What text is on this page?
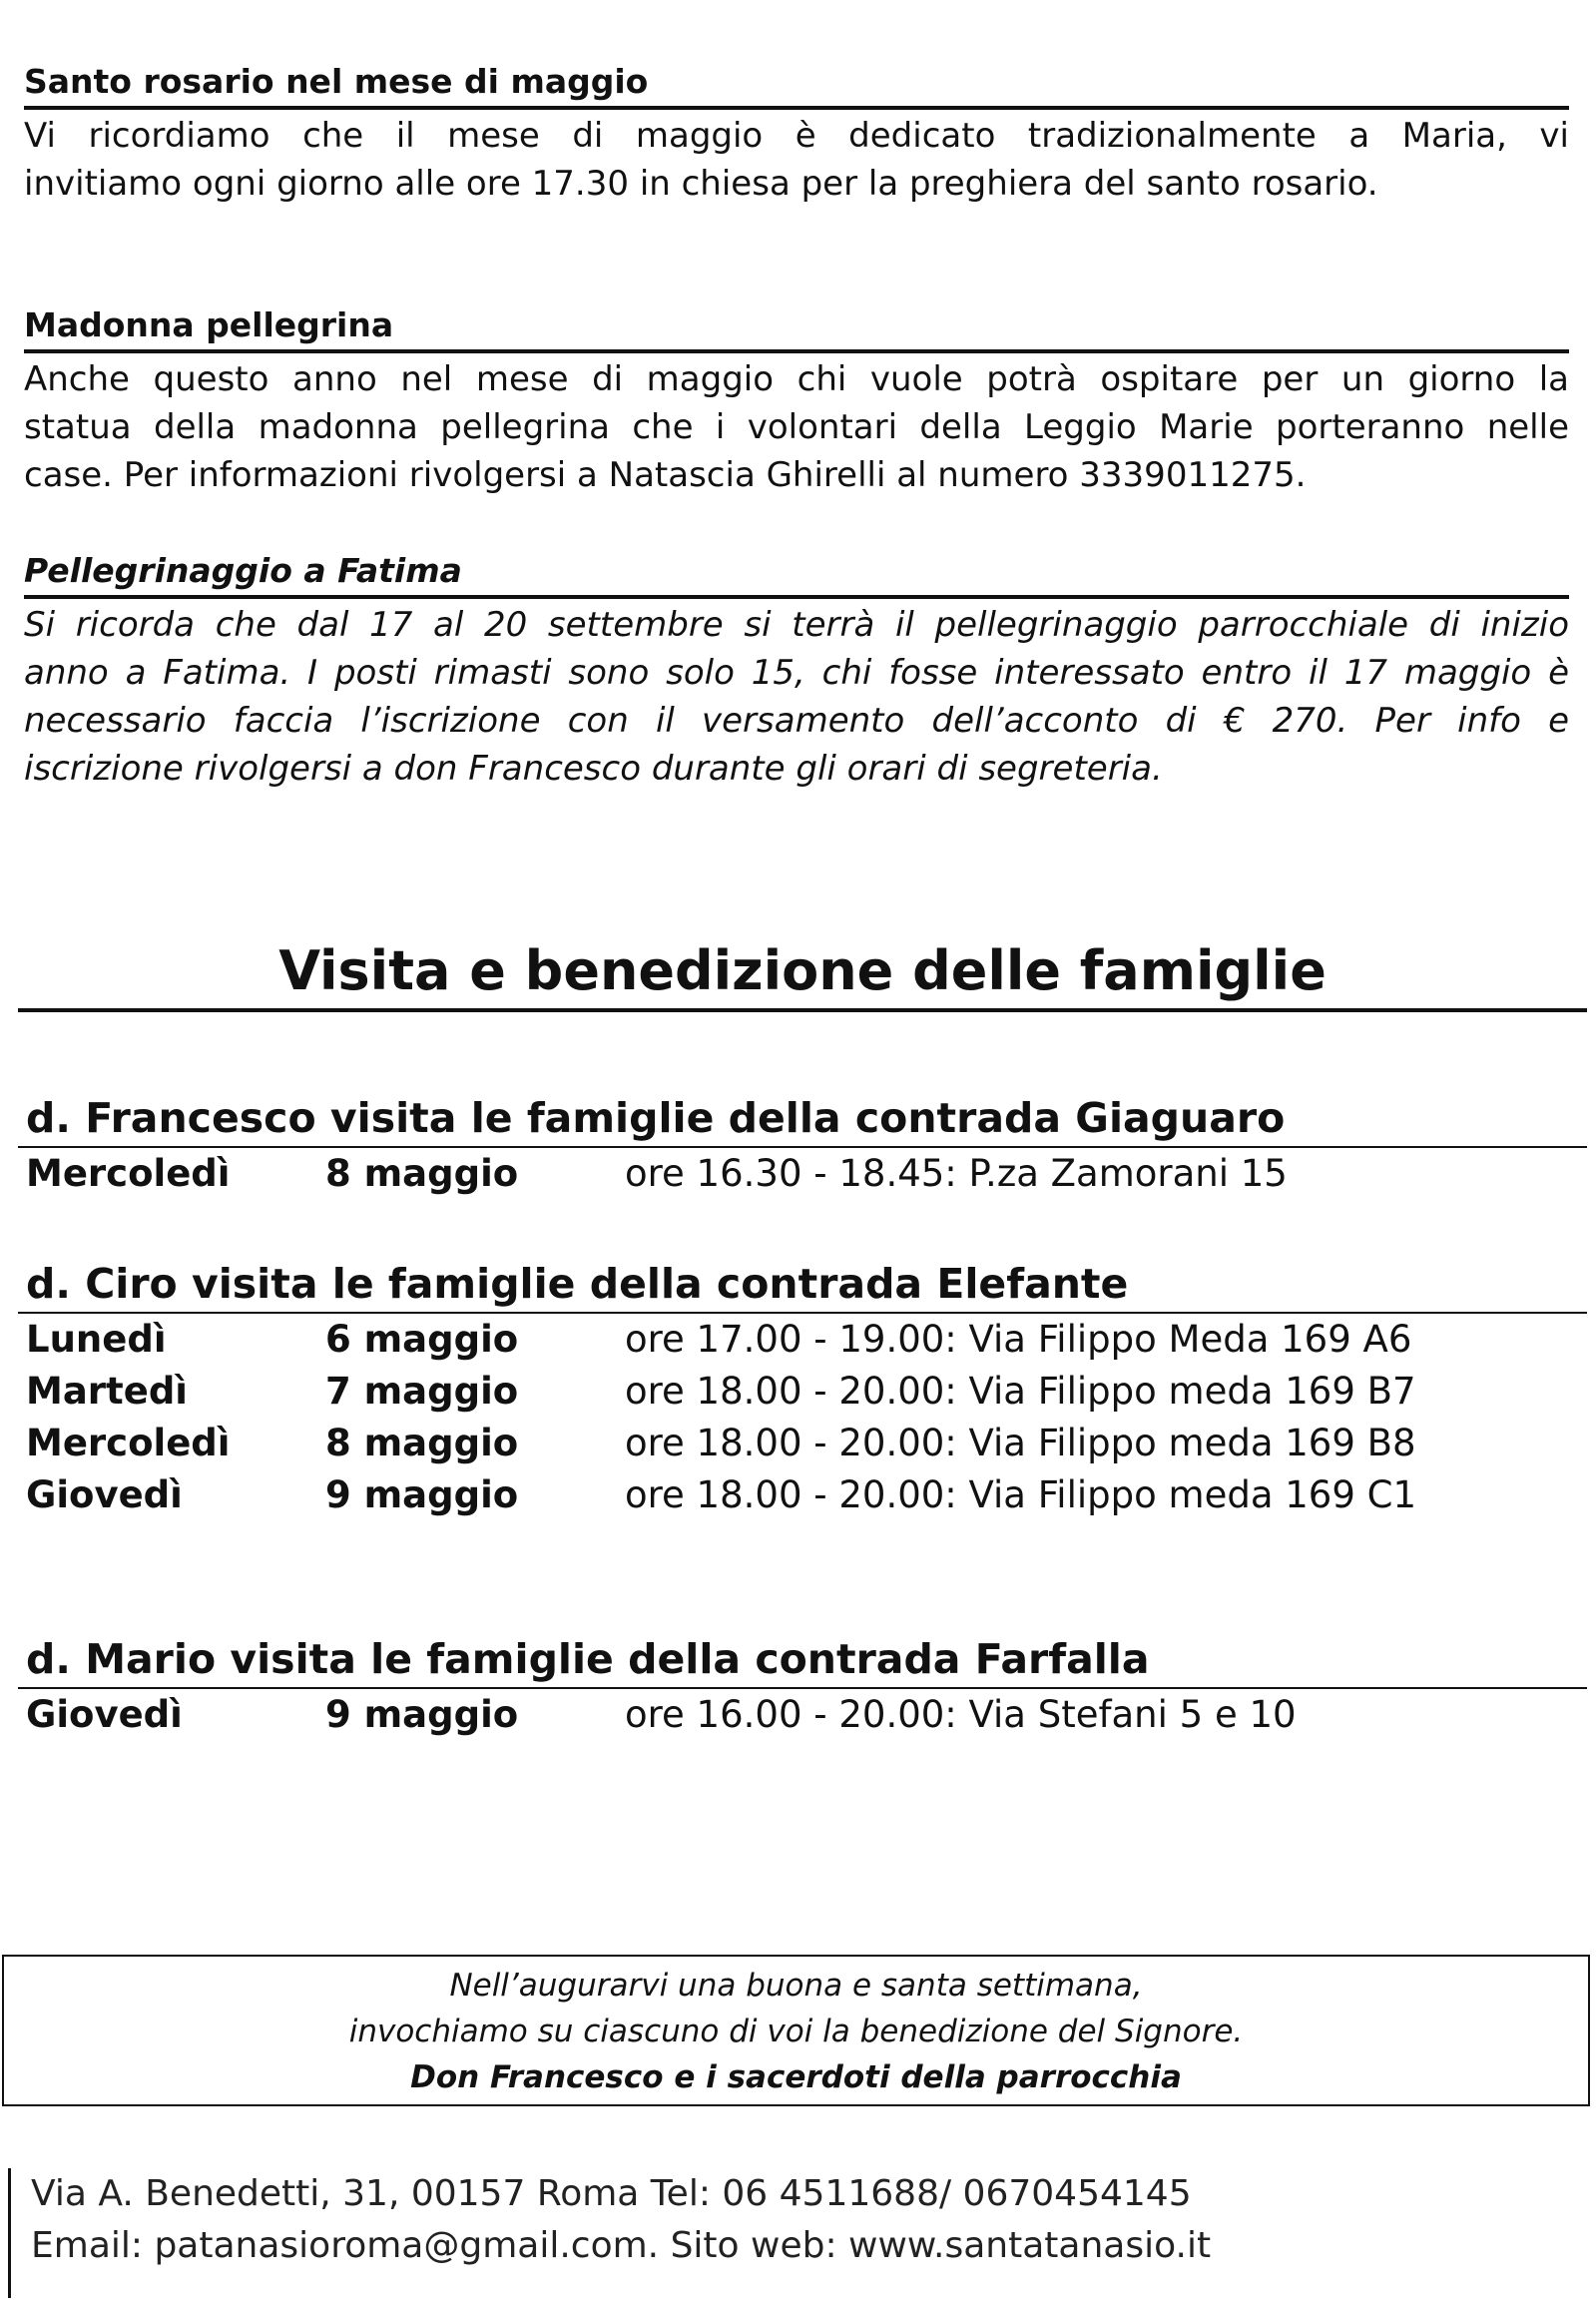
Santo rosario nel mese di maggio
Vi ricordiamo che il mese di maggio è dedicato tradizionalmente a Maria, vi
invitiamo ogni giorno alle ore 17.30 in chiesa per la preghiera del santo rosario.
Madonna pellegrina
Anche questo anno nel mese di maggio chi vuole potrà ospitare per un giorno la
statua della madonna pellegrina che i volontari della Leggio Marie porteranno nelle
case. Per informazioni rivolgersi a Natascia Ghirelli al numero 3339011275.
Pellegrinaggio a Fatima
Si ricorda che dal 17 al 20 settembre si terrà il pellegrinaggio parrocchiale di inizio
anno a Fatima. I posti rimasti sono solo 15, chi fosse interessato entro il 17 maggio è
necessario faccia l’iscrizione con il versamento dell’acconto di € 270. Per info e
iscrizione rivolgersi a don Francesco durante gli orari di segreteria.
Visita e benedizione delle famiglie
d. Francesco visita le famiglie della contrada Giaguaro
Mercoledì	8 maggio	ore 16.30 - 18.45: P.za Zamorani 15
d. Ciro visita le famiglie della contrada Elefante
Lunedì	6 maggio	ore 17.00 - 19.00: Via Filippo Meda 169 A6
Martedì	7 maggio	ore 18.00 - 20.00: Via Filippo meda 169 B7
Mercoledì	8 maggio	ore 18.00 - 20.00: Via Filippo meda 169 B8
Giovedì	9 maggio	ore 18.00 - 20.00: Via Filippo meda 169 C1
d. Mario visita le famiglie della contrada Farfalla
Giovedì	9 maggio	ore 16.00 - 20.00: Via Stefani 5 e 10
Nell’augurarvi una buona e santa settimana,
invochiamo su ciascuno di voi la benedizione del Signore.
Don Francesco e i sacerdoti della parrocchia
Via A. Benedetti, 31, 00157 Roma Tel: 06 4511688/ 0670454145
Email: patanasioroma@gmail.com. Sito web: www.santatanasio.it
